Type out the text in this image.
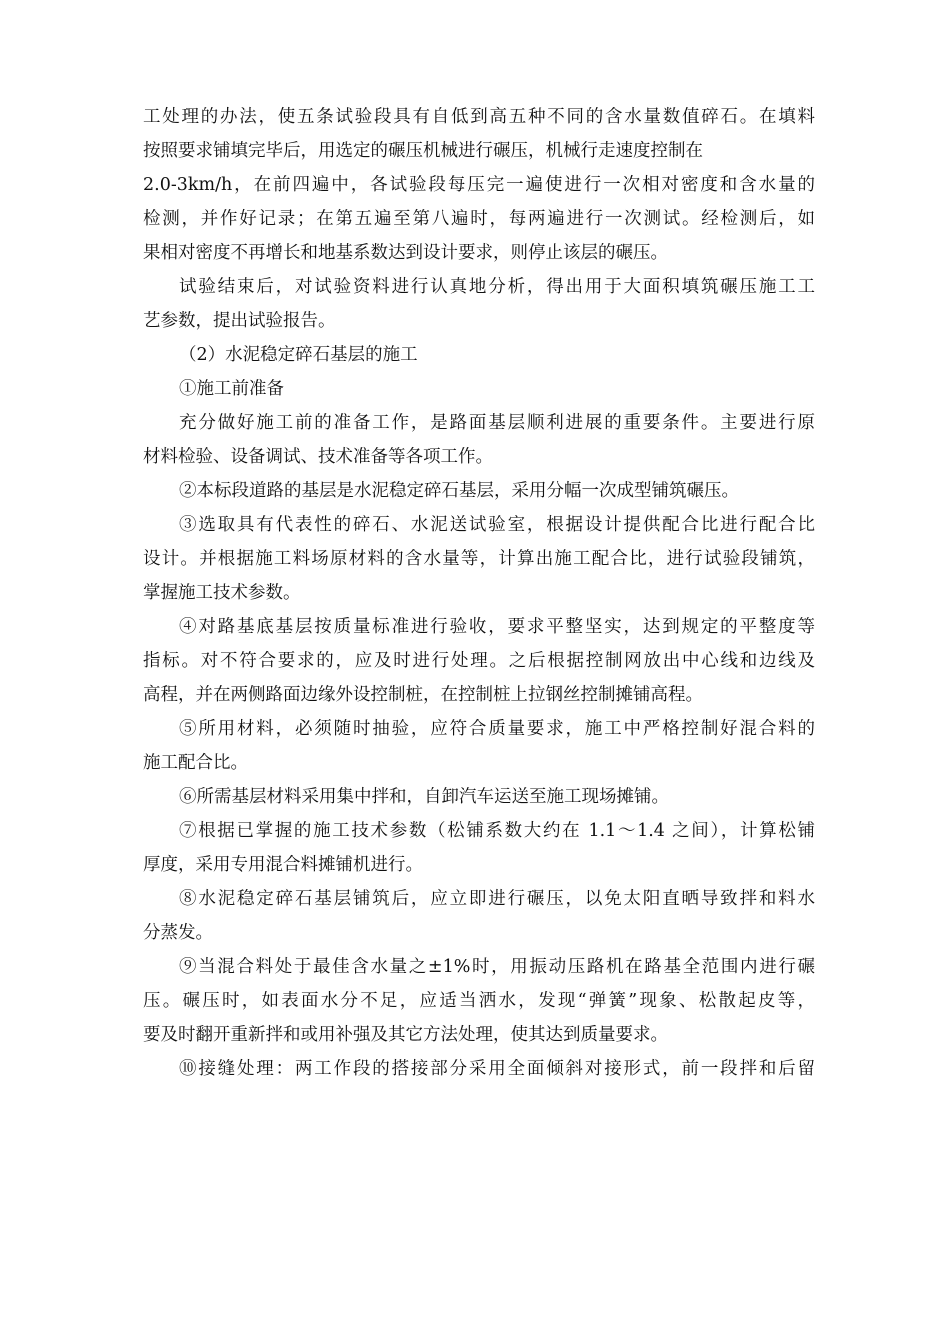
工处理的办法，使五条试验段具有自低到高五种不同的含水量数值碎石。在填料
按照要求铺填完毕后，用选定的碾压机械进行碾压，机械行走速度控制在
2.0-3km/h，在前四遍中，各试验段每压完一遍使进行一次相对密度和含水量的
检测，并作好记录；在第五遍至第八遍时，每两遍进行一次测试。经检测后，如
果相对密度不再增长和地基系数达到设计要求，则停止该层的碾压。
试验结束后，对试验资料进行认真地分析，得出用于大面积填筑碾压施工工
艺参数，提出试验报告。
（2）水泥稳定碎石基层的施工
①施工前准备
充分做好施工前的准备工作，是路面基层顺利进展的重要条件。主要进行原
材料检验、设备调试、技术准备等各项工作。
②本标段道路的基层是水泥稳定碎石基层，采用分幅一次成型铺筑碾压。
③选取具有代表性的碎石、水泥送试验室，根据设计提供配合比进行配合比
设计。并根据施工料场原材料的含水量等，计算出施工配合比，进行试验段铺筑，
掌握施工技术参数。
④对路基底基层按质量标准进行验收，要求平整坚实，达到规定的平整度等
指标。对不符合要求的，应及时进行处理。之后根据控制网放出中心线和边线及
高程，并在两侧路面边缘外设控制桩，在控制桩上拉钢丝控制摊铺高程。
⑤所用材料，必须随时抽验，应符合质量要求，施工中严格控制好混合料的
施工配合比。
⑥所需基层材料采用集中拌和，自卸汽车运送至施工现场摊铺。
⑦根据已掌握的施工技术参数（松铺系数大约在 1.1～1.4 之间），计算松铺
厚度，采用专用混合料摊铺机进行。
⑧水泥稳定碎石基层铺筑后，应立即进行碾压，以免太阳直晒导致拌和料水
分蒸发。
⑨当混合料处于最佳含水量之±1%时，用振动压路机在路基全范围内进行碾
压。碾压时，如表面水分不足，应适当洒水，发现“弹簧”现象、松散起皮等，
要及时翻开重新拌和或用补强及其它方法处理，使其达到质量要求。
⑩接缝处理：两工作段的搭接部分采用全面倾斜对接形式，前一段拌和后留
